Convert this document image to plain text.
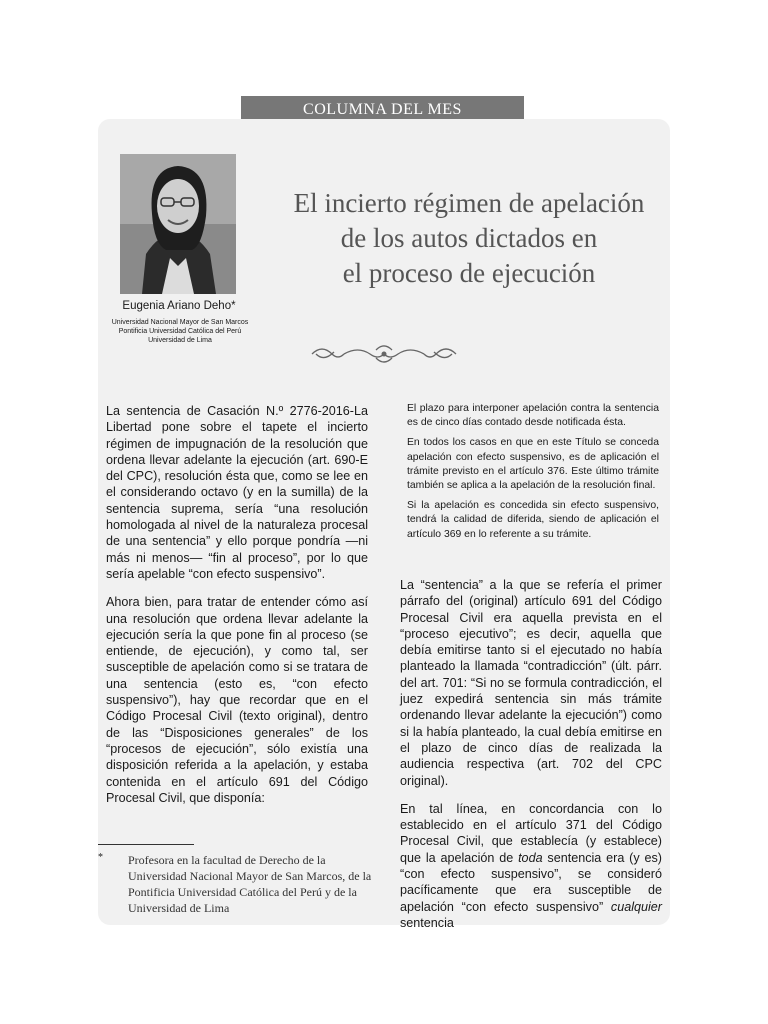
COLUMNA DEL MES
Eugenia Ariano Deho*
Universidad Nacional Mayor de San Marcos
Pontificia Universidad Católica del Perú
Universidad de Lima
El incierto régimen de apelación
de los autos dictados en
el proceso de ejecución

La sentencia de Casación N.º 2776-2016-La Libertad pone sobre el tapete el incierto régimen de impugnación de la resolución que ordena llevar adelante la ejecución (art. 690-E del CPC), resolución ésta que, como se lee en el considerando octavo (y en la sumilla) de la sentencia suprema, sería “una resolución homologada al nivel de la naturaleza procesal de una sentencia” y ello porque pondría —ni más ni menos— “fin al proceso”, por lo que sería apelable “con efecto suspensivo”.

Ahora bien, para tratar de entender cómo así una resolución que ordena llevar adelante la ejecución sería la que pone fin al proceso (se entiende, de ejecución), y como tal, ser susceptible de apelación como si se tratara de una sentencia (esto es, “con efecto suspensivo”), hay que recordar que en el Código Procesal Civil (texto original), dentro de las “Disposiciones generales” de los “procesos de ejecución”, sólo existía una disposición referida a la apelación, y estaba contenida en el artículo 691 del Código Procesal Civil, que disponía:

El plazo para interponer apelación contra la sentencia es de cinco días contado desde notificada ésta.

En todos los casos en que en este Título se conceda apelación con efecto suspensivo, es de aplicación el trámite previsto en el artículo 376. Este último trámite también se aplica a la apelación de la resolución final.

Si la apelación es concedida sin efecto suspensivo, tendrá la calidad de diferida, siendo de aplicación el artículo 369 en lo referente a su trámite.

La “sentencia” a la que se refería el primer párrafo del (original) artículo 691 del Código Procesal Civil era aquella prevista en el “proceso ejecutivo”; es decir, aquella que debía emitirse tanto si el ejecutado no había planteado la llamada “contradicción” (últ. párr. del art. 701: “Si no se formula contradicción, el juez expedirá sentencia sin más trámite ordenando llevar adelante la ejecución”) como si la había planteado, la cual debía emitirse en el plazo de cinco días de realizada la audiencia respectiva (art. 702 del CPC original).

En tal línea, en concordancia con lo establecido en el artículo 371 del Código Procesal Civil, que establecía (y establece) que la apelación de toda sentencia era (y es) “con efecto suspensivo”, se consideró pacíficamente que era susceptible de apelación “con efecto suspensivo” cualquier sentencia

* Profesora en la facultad de Derecho de la Universidad Nacional Mayor de San Marcos, de la Pontificia Universidad Católica del Perú y de la Universidad de Lima
